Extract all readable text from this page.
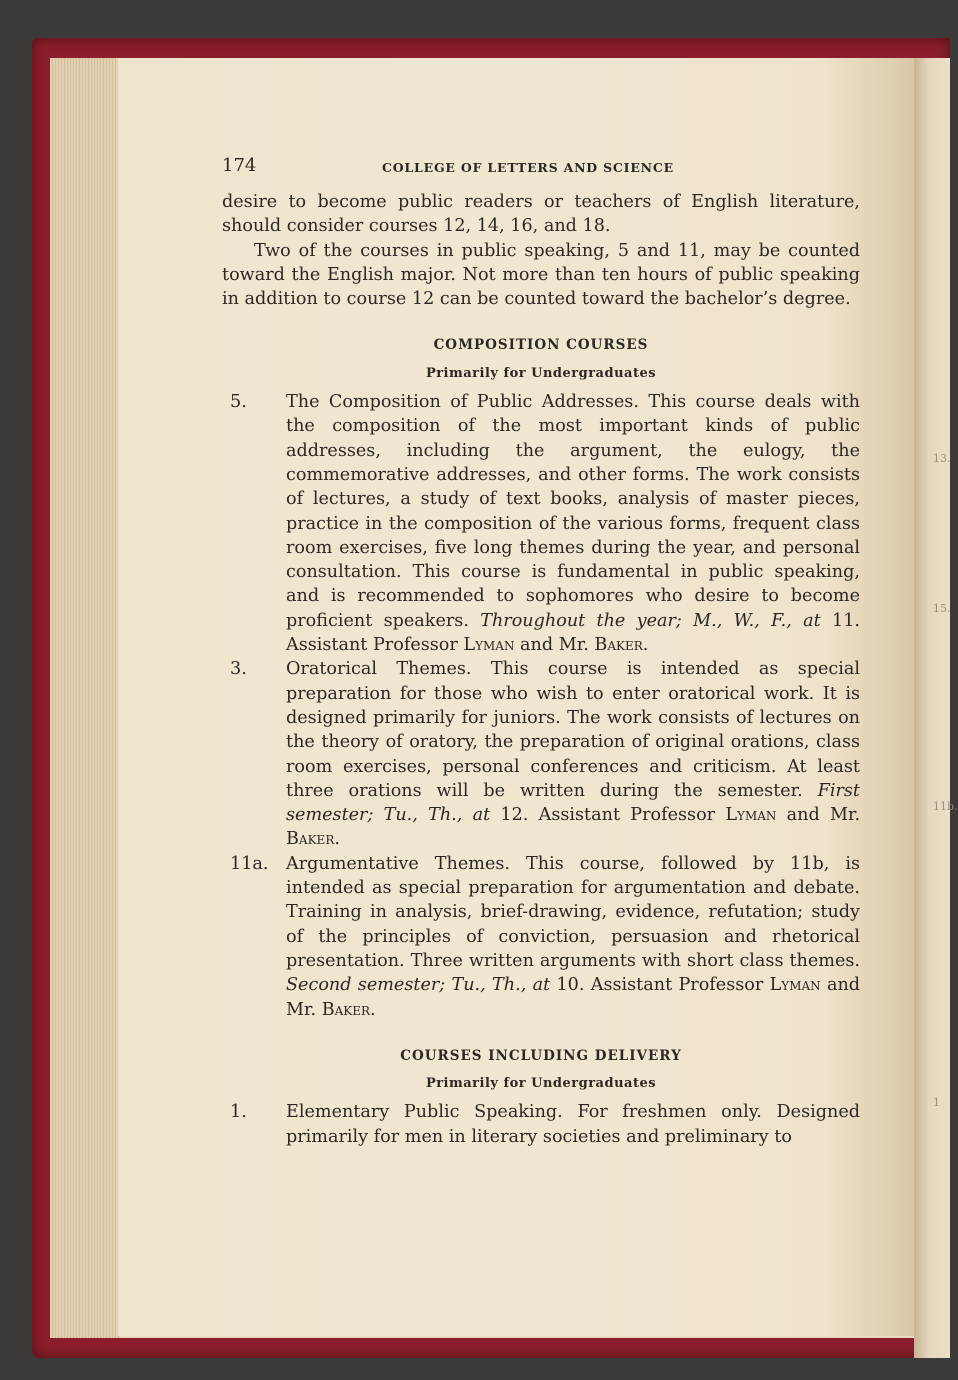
13.
15.
11b.
1
174	COLLEGE OF LETTERS AND SCIENCE

desire to become public readers or teachers of English literature, should consider courses 12, 14, 16, and 18.

Two of the courses in public speaking, 5 and 11, may be counted toward the English major. Not more than ten hours of public speaking in addition to course 12 can be counted toward the bachelor’s degree.

COMPOSITION COURSES
Primarily for Undergraduates
5.	The Composition of Public Addresses. This course deals with the composition of the most important kinds of public addresses, including the argument, the eulogy, the commemorative addresses, and other forms. The work consists of lectures, a study of text books, analysis of master pieces, practice in the composition of the various forms, frequent class room exercises, five long themes during the year, and personal consultation. This course is fundamental in public speaking, and is recommended to sophomores who desire to become proficient speakers. Throughout the year; M., W., F., at 11. Assistant Professor Lyman and Mr. Baker.
3.	Oratorical Themes. This course is intended as special preparation for those who wish to enter oratorical work. It is designed primarily for juniors. The work consists of lectures on the theory of oratory, the preparation of original orations, class room exercises, personal conferences and criticism. At least three orations will be written during the semester. First semester; Tu., Th., at 12. Assistant Professor Lyman and Mr. Baker.
11a. Argumentative Themes. This course, followed by 11b, is intended as special preparation for argumentation and debate. Training in analysis, brief-drawing, evidence, refutation; study of the principles of conviction, persuasion and rhetorical presentation. Three written arguments with short class themes. Second semester; Tu., Th., at 10. Assistant Professor Lyman and Mr. Baker.
COURSES INCLUDING DELIVERY
Primarily for Undergraduates
1.	Elementary Public Speaking. For freshmen only. Designed primarily for men in literary societies and preliminary to
